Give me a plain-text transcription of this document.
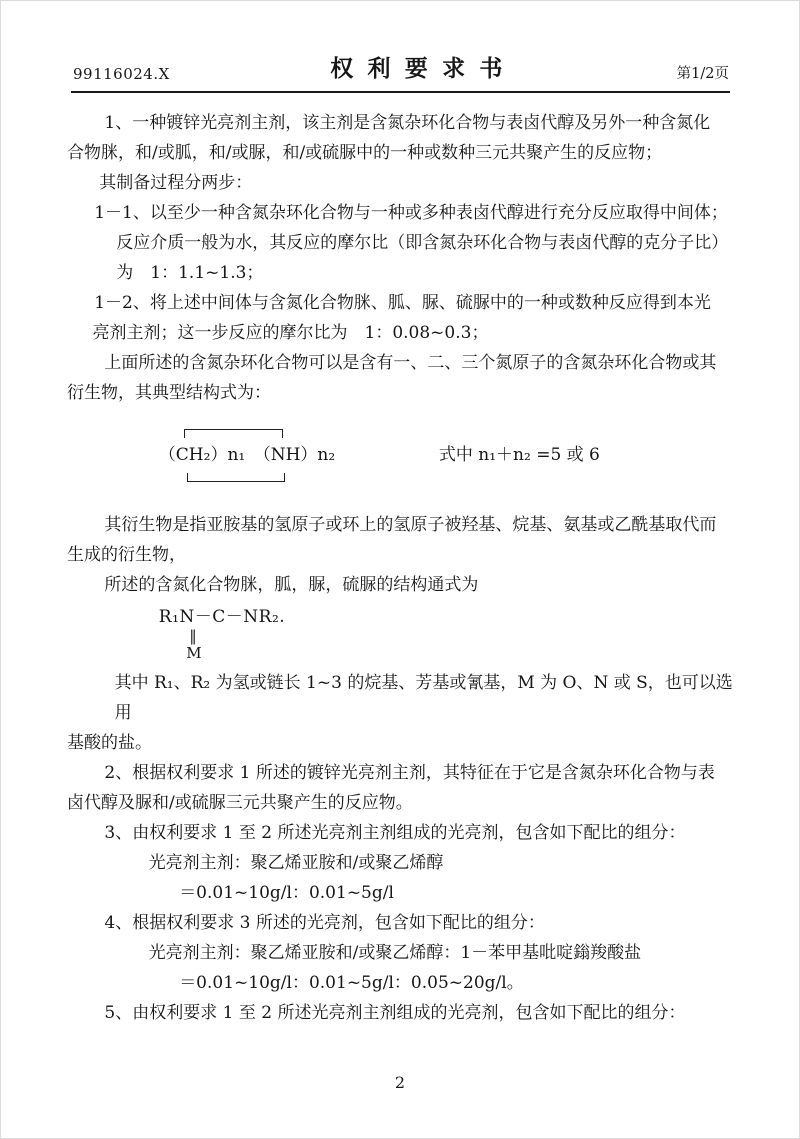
99116024.X	权利要求书	第1/2页
1、一种镀锌光亮剂主剂，该主剂是含氮杂环化合物与表卤代醇及另外一种含氮化
合物脒，和/或胍，和/或脲，和/或硫脲中的一种或数种三元共聚产生的反应物；
其制备过程分两步：
1－1、以至少一种含氮杂环化合物与一种或多种表卤代醇进行充分反应取得中间体；
反应介质一般为水，其反应的摩尔比（即含氮杂环化合物与表卤代醇的克分子比）
为　1：1.1~1.3；
1－2、将上述中间体与含氮化合物脒、胍、脲、硫脲中的一种或数种反应得到本光
亮剂主剂；这一步反应的摩尔比为　1：0.08~0.3；
上面所述的含氮杂环化合物可以是含有一、二、三个氮原子的含氮杂环化合物或其
衍生物，其典型结构式为：
（CH₂）n₁　（NH）n₂	式中 n₁＋n₂ =5 或 6
其衍生物是指亚胺基的氢原子或环上的氢原子被羟基、烷基、氨基或乙酰基取代而
生成的衍生物，
所述的含氮化合物脒，胍，脲，硫脲的结构通式为
R₁N－C－NR₂.
‖
M
其中 R₁、R₂ 为氢或链长 1~3 的烷基、芳基或氰基，M 为 O、N 或 S，也可以选用
基酸的盐。
2、根据权利要求 1 所述的镀锌光亮剂主剂，其特征在于它是含氮杂环化合物与表
卤代醇及脲和/或硫脲三元共聚产生的反应物。
3、由权利要求 1 至 2 所述光亮剂主剂组成的光亮剂，包含如下配比的组分：
光亮剂主剂：聚乙烯亚胺和/或聚乙烯醇
＝0.01~10g/l：0.01~5g/l
4、根据权利要求 3 所述的光亮剂，包含如下配比的组分：
光亮剂主剂：聚乙烯亚胺和/或聚乙烯醇：1－苯甲基吡啶鎓羧酸盐
＝0.01~10g/l：0.01~5g/l：0.05~20g/l。
5、由权利要求 1 至 2 所述光亮剂主剂组成的光亮剂，包含如下配比的组分：
2
